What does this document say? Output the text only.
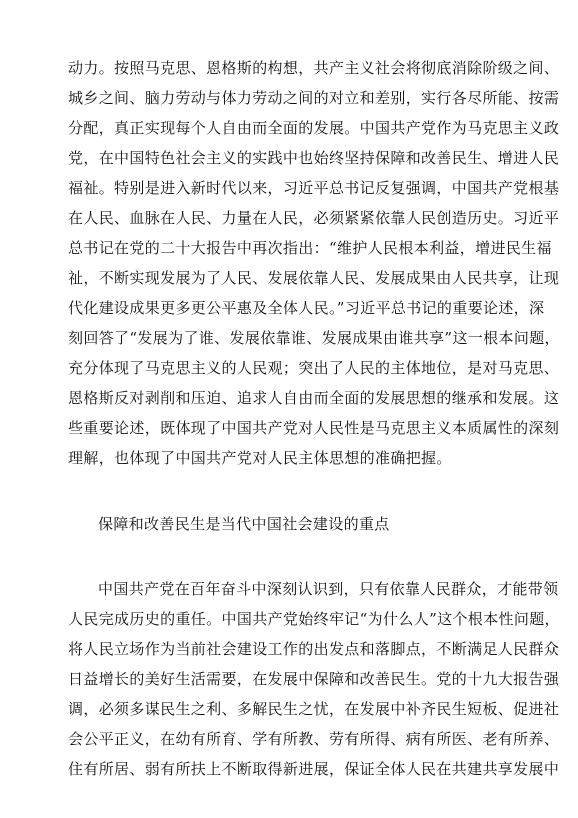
动力。按照马克思、恩格斯的构想，共产主义社会将彻底消除阶级之间、
城乡之间、脑力劳动与体力劳动之间的对立和差别，实行各尽所能、按需
分配，真正实现每个人自由而全面的发展。中国共产党作为马克思主义政
党，在中国特色社会主义的实践中也始终坚持保障和改善民生、增进人民
福祉。特别是进入新时代以来，习近平总书记反复强调，中国共产党根基
在人民、血脉在人民、力量在人民，必须紧紧依靠人民创造历史。习近平
总书记在党的二十大报告中再次指出：“维护人民根本利益，增进民生福
祉，不断实现发展为了人民、发展依靠人民、发展成果由人民共享，让现
代化建设成果更多更公平惠及全体人民。”习近平总书记的重要论述，深
刻回答了“发展为了谁、发展依靠谁、发展成果由谁共享”这一根本问题，
充分体现了马克思主义的人民观；突出了人民的主体地位，是对马克思、
恩格斯反对剥削和压迫、追求人自由而全面的发展思想的继承和发展。这
些重要论述，既体现了中国共产党对人民性是马克思主义本质属性的深刻
理解，也体现了中国共产党对人民主体思想的准确把握。
保障和改善民生是当代中国社会建设的重点
中国共产党在百年奋斗中深刻认识到，只有依靠人民群众，才能带领
人民完成历史的重任。中国共产党始终牢记“为什么人”这个根本性问题，
将人民立场作为当前社会建设工作的出发点和落脚点，不断满足人民群众
日益增长的美好生活需要，在发展中保障和改善民生。党的十九大报告强
调，必须多谋民生之利、多解民生之忧，在发展中补齐民生短板、促进社
会公平正义，在幼有所育、学有所教、劳有所得、病有所医、老有所养、
住有所居、弱有所扶上不断取得新进展，保证全体人民在共建共享发展中
